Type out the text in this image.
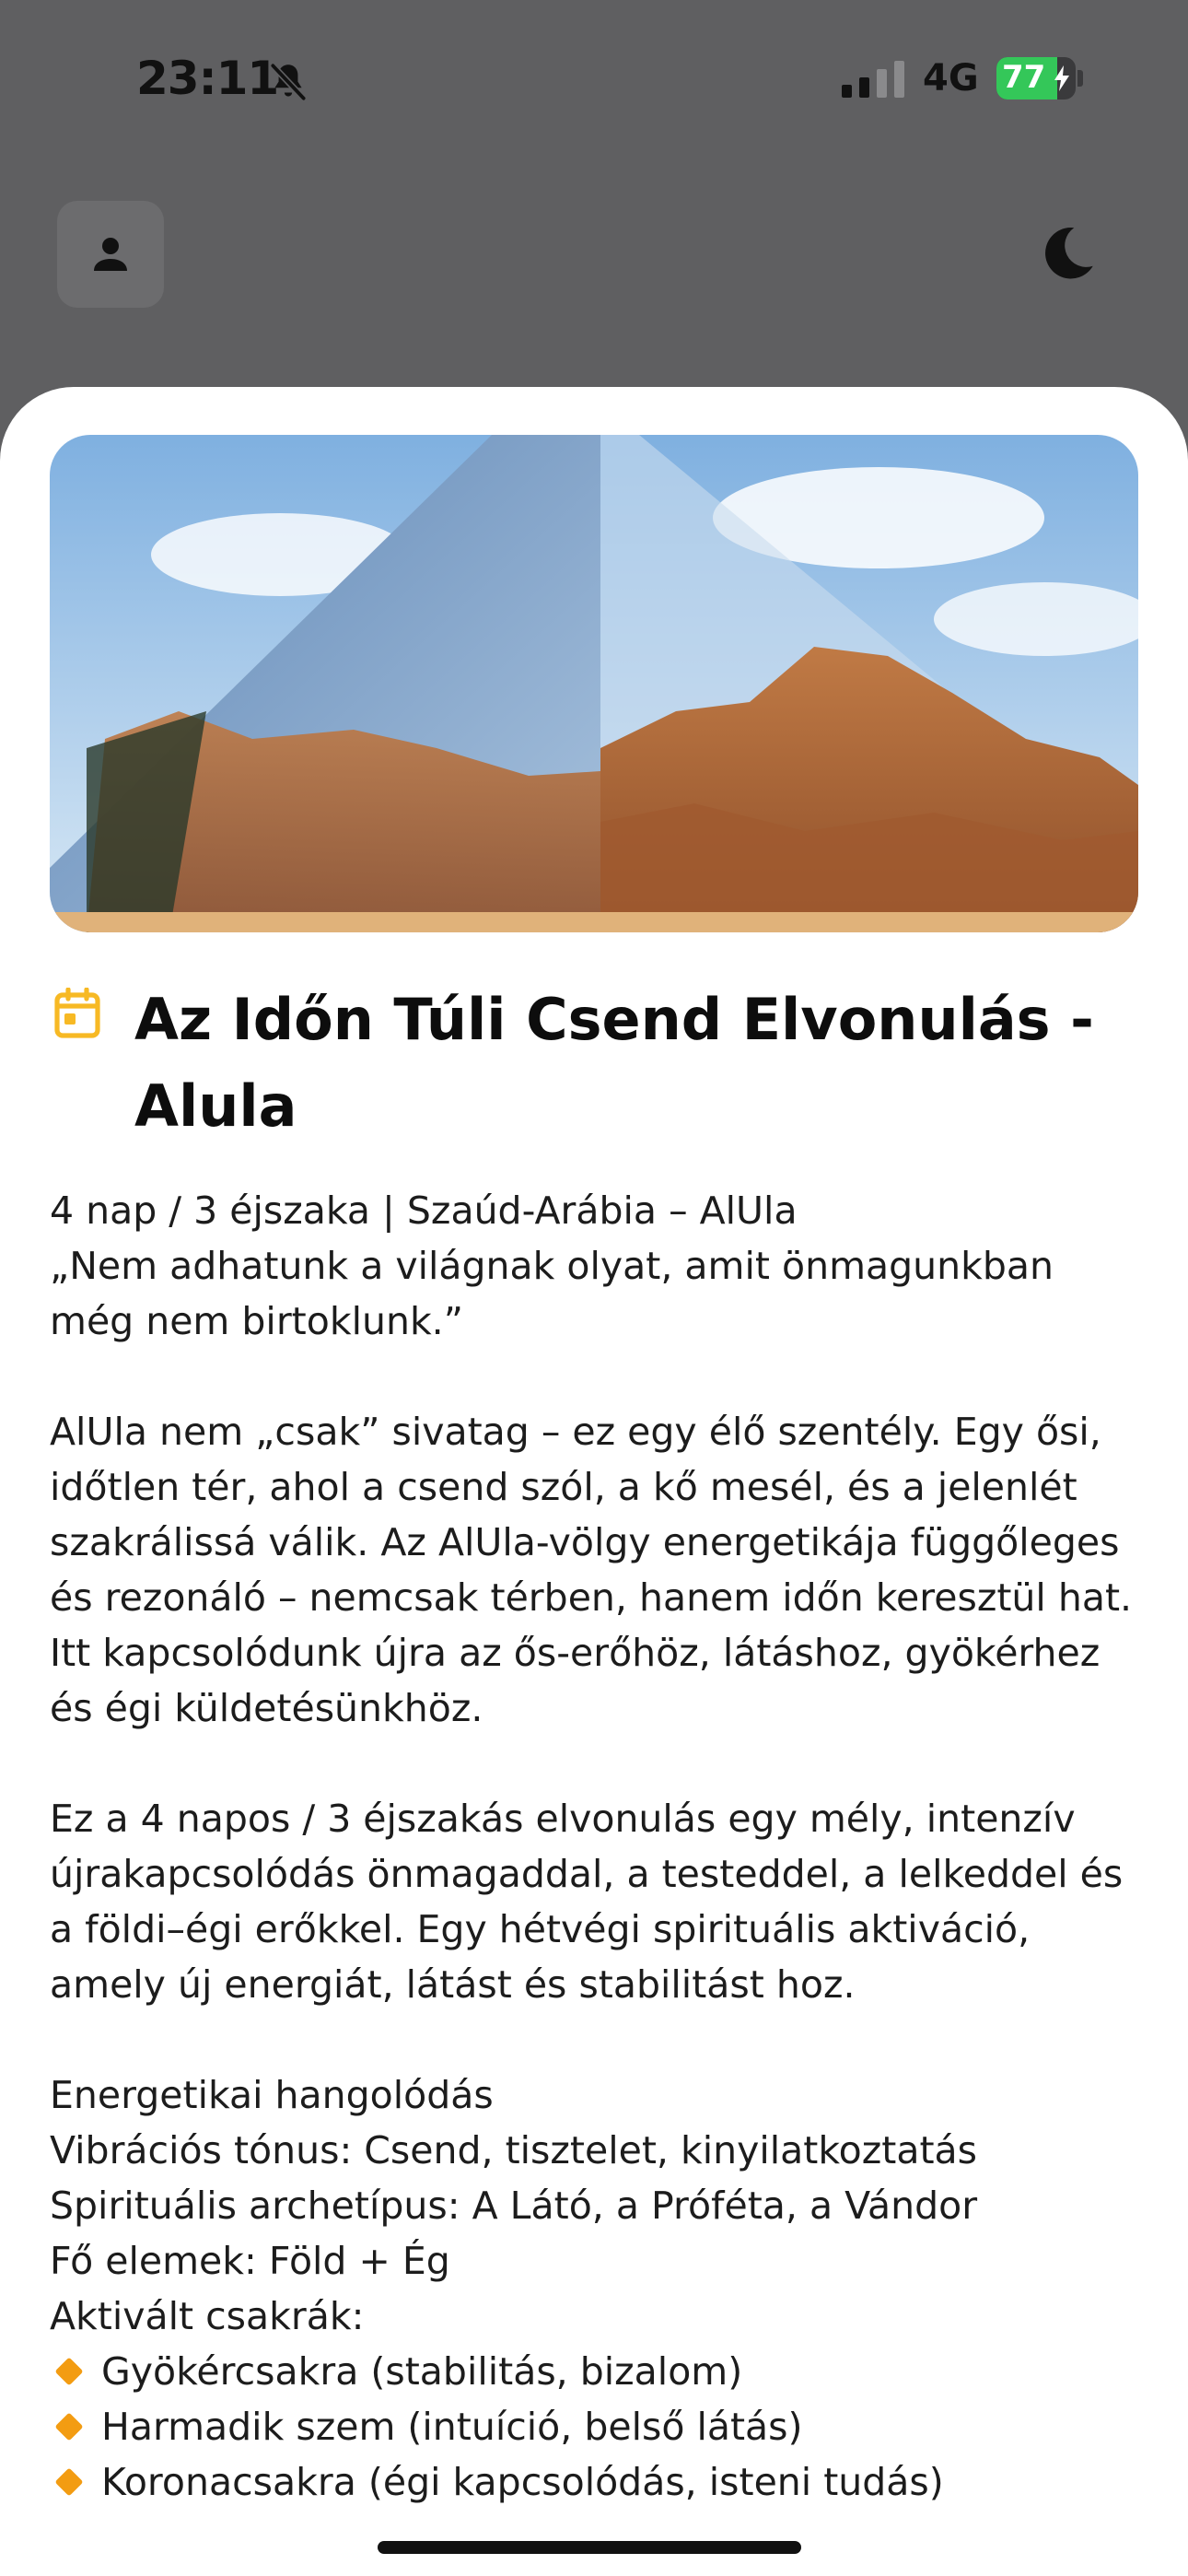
23:11	4G 77
Az Időn Túli Csend Elvonulás - Alula

4 nap / 3 éjszaka | Szaúd-Arábia – AlUla

„Nem adhatunk a világnak olyat, amit önmagunkban még nem birtoklunk.”

AlUla nem „csak” sivatag – ez egy élő szentély. Egy ősi, időtlen tér, ahol a csend szól, a kő mesél, és a jelenlét szakrálissá válik. Az AlUla-völgy energetikája függőleges és rezonáló – nemcsak térben, hanem időn keresztül hat.

Itt kapcsolódunk újra az ős-erőhöz, látáshoz, gyökérhez és égi küldetésünkhöz.

Ez a 4 napos / 3 éjszakás elvonulás egy mély, intenzív újrakapcsolódás önmagaddal, a testeddel, a lelkeddel és a földi–égi erőkkel. Egy hétvégi spirituális aktiváció, amely új energiát, látást és stabilitást hoz.

Energetikai hangolódás

Vibrációs tónus: Csend, tisztelet, kinyilatkoztatás

Spirituális archetípus: A Látó, a Próféta, a Vándor

Fő elemek: Föld + Ég

Aktivált csakrák:

Gyökércsakra (stabilitás, bizalom)
Harmadik szem (intuíció, belső látás)
Koronacsakra (égi kapcsolódás, isteni tudás)
